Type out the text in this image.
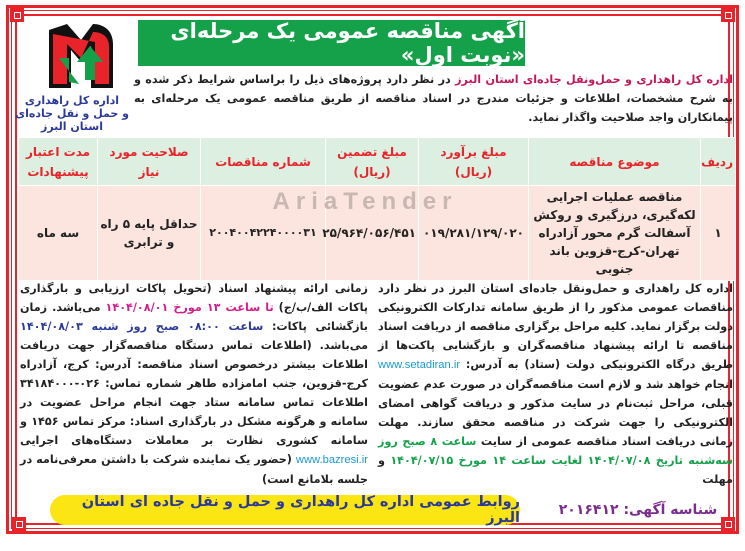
آگهی مناقصه عمومی یک مرحله‌ای «نوبت اول»
اداره کل راهداری
و حمل و نقل جاده‌ای استان البرز
اداره کل راهداری و حمل‌ونقل جاده‌ای استان البرز در نظر دارد پروژه‌های ذیل را براساس شرایط ذکر شده و به شرح مشخصات، اطلاعات و جزئیات مندرج در اسناد مناقصه از طریق مناقصه عمومی یک مرحله‌ای به پیمانکاران واجد صلاحیت واگذار نماید.
ردیف	موضوع مناقصه	مبلغ برآورد (ریال)	مبلغ تضمین (ریال)	شماره مناقصات	صلاحیت مورد نیاز	مدت اعتبار پیشنهادات
۱	مناقصه عملیات اجرایی لکه‌گیری، درزگیری و روکش آسفالت گرم محور آزادراه تهران-کرج-قزوین باند جنوبی	۰۱۹/۲۸۱/۱۲۹/۰۲۰	۲۵/۹۶۴/۰۵۶/۴۵۱	۲۰۰۴۰۰۴۲۲۴۰۰۰۰۳۱	حداقل پایه ۵ راه و ترابری	سه ماه
AriaTender
اداره کل راهداری و حمل‌ونقل جاده‌ای استان البرز در نظر دارد مناقصات عمومی مذکور را از طریق سامانه تدارکات الکترونیکی دولت برگزار نماید. کلیه مراحل برگزاری مناقصه از دریافت اسناد مناقصه تا ارائه پیشنهاد مناقصه‌گران و بازگشایی پاکت‌ها از طریق درگاه الکترونیکی دولت (ستاد) به آدرس: www.setadiran.ir انجام خواهد شد و لازم است مناقصه‌گران در صورت عدم عضویت قبلی، مراحل ثبت‌نام در سایت مذکور و دریافت گواهی امضای الکترونیکی را جهت شرکت در مناقصه محقق سازند. مهلت زمانی دریافت اسناد مناقصه عمومی از سایت ساعت ۸ صبح روز سه‌شنبه تاریخ ۱۴۰۴/۰۷/۰۸ لغایت ساعت ۱۴ مورخ ۱۴۰۴/۰۷/۱۵ و مهلت
زمانی ارائه پیشنهاد اسناد (تحویل پاکات ارزیابی و بارگذاری پاکات الف/ب/ج) تا ساعت ۱۳ مورخ ۱۴۰۴/۰۸/۰۱ می‌باشد. زمان بازگشائی پاکات: ساعت ۰۸:۰۰ صبح روز شنبه ۱۴۰۴/۰۸/۰۳ می‌باشد. (اطلاعات تماس دستگاه مناقصه‌گزار جهت دریافت اطلاعات بیشتر درخصوص اسناد مناقصه: آدرس: کرج، آزادراه کرج-قزوین، جنب امامزاده طاهر شماره تماس: ۰۲۶-۳۴۱۸۴۰۰۰ اطلاعات تماس سامانه ستاد جهت انجام مراحل عضویت در سامانه و هرگونه مشکل در بارگذاری اسناد: مرکز تماس ۱۴۵۶ و سامانه کشوری نظارت بر معاملات دستگاه‌های اجرایی www.bazresi.ir (حضور یک نماینده شرکت با داشتن معرفی‌نامه در جلسه بلامانع است)
شناسه آگهی: ۲۰۱۶۴۱۲
روابط عمومی اداره کل راهداری و حمل و نقل جاده ای استان البرز
